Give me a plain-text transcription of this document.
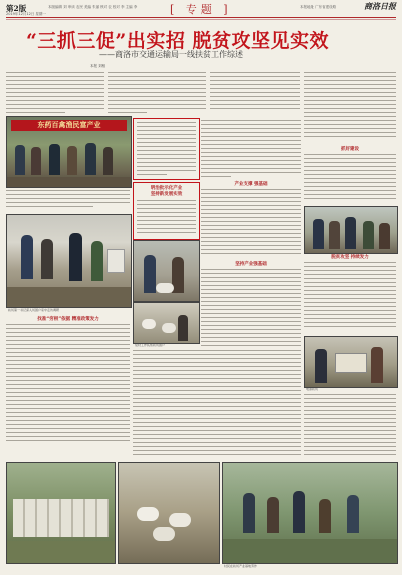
第2版
2019年12月12日 星期一
本版编辑 刘 审读 农民 美编 朱丽 核对 农 校对 李 主编 李	[ 专题 ]	本报地址 广东省建设路	商洛日报
“三抓三促”出实招 脱贫攻坚见实效
——商洛市交通运输局一线扶贫工作综述
本报 刘相
东药百禽渔民富产业
抓好建设
产业支撑 强基础
明治批示化产业
坚持新发展实效
扶贫第一书记深入贫困户家中走访调研
驻村工作队帮扶贫困户
坚持产业强基础
脱贫攻坚 持续发力
找准“穷根”依据 精准政策发力
电商扶贫
村民在扶贫产业基地劳作
